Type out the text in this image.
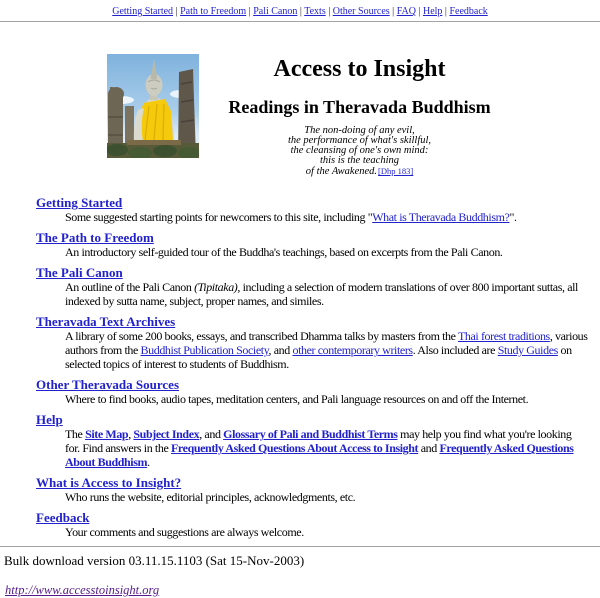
Getting Started | Path to Freedom | Pali Canon | Texts | Other Sources | FAQ | Help | Feedback
Access to Insight
Readings in Theravada Buddhism
The non-doing of any evil,
the performance of what's skillful,
the cleansing of one's own mind:
this is the teaching
of the Awakened.[Dhp 183]
Getting Started
Some suggested starting points for newcomers to this site, including "What is Theravada Buddhism?".
The Path to Freedom
An introductory self-guided tour of the Buddha's teachings, based on excerpts from the Pali Canon.
The Pali Canon
An outline of the Pali Canon (Tipitaka), including a selection of modern translations of over 800 important suttas, all indexed by sutta name, subject, proper names, and similes.
Theravada Text Archives
A library of some 200 books, essays, and transcribed Dhamma talks by masters from the Thai forest traditions, various authors from the Buddhist Publication Society, and other contemporary writers. Also included are Study Guides on selected topics of interest to students of Buddhism.
Other Theravada Sources
Where to find books, audio tapes, meditation centers, and Pali language resources on and off the Internet.
Help
The Site Map, Subject Index, and Glossary of Pali and Buddhist Terms may help you find what you're looking for. Find answers in the Frequently Asked Questions About Access to Insight and Frequently Asked Questions About Buddhism.
What is Access to Insight?
Who runs the website, editorial principles, acknowledgments, etc.
Feedback
Your comments and suggestions are always welcome.
Bulk download version 03.11.15.1103 (Sat 15-Nov-2003)
http://www.accesstoinsight.org
